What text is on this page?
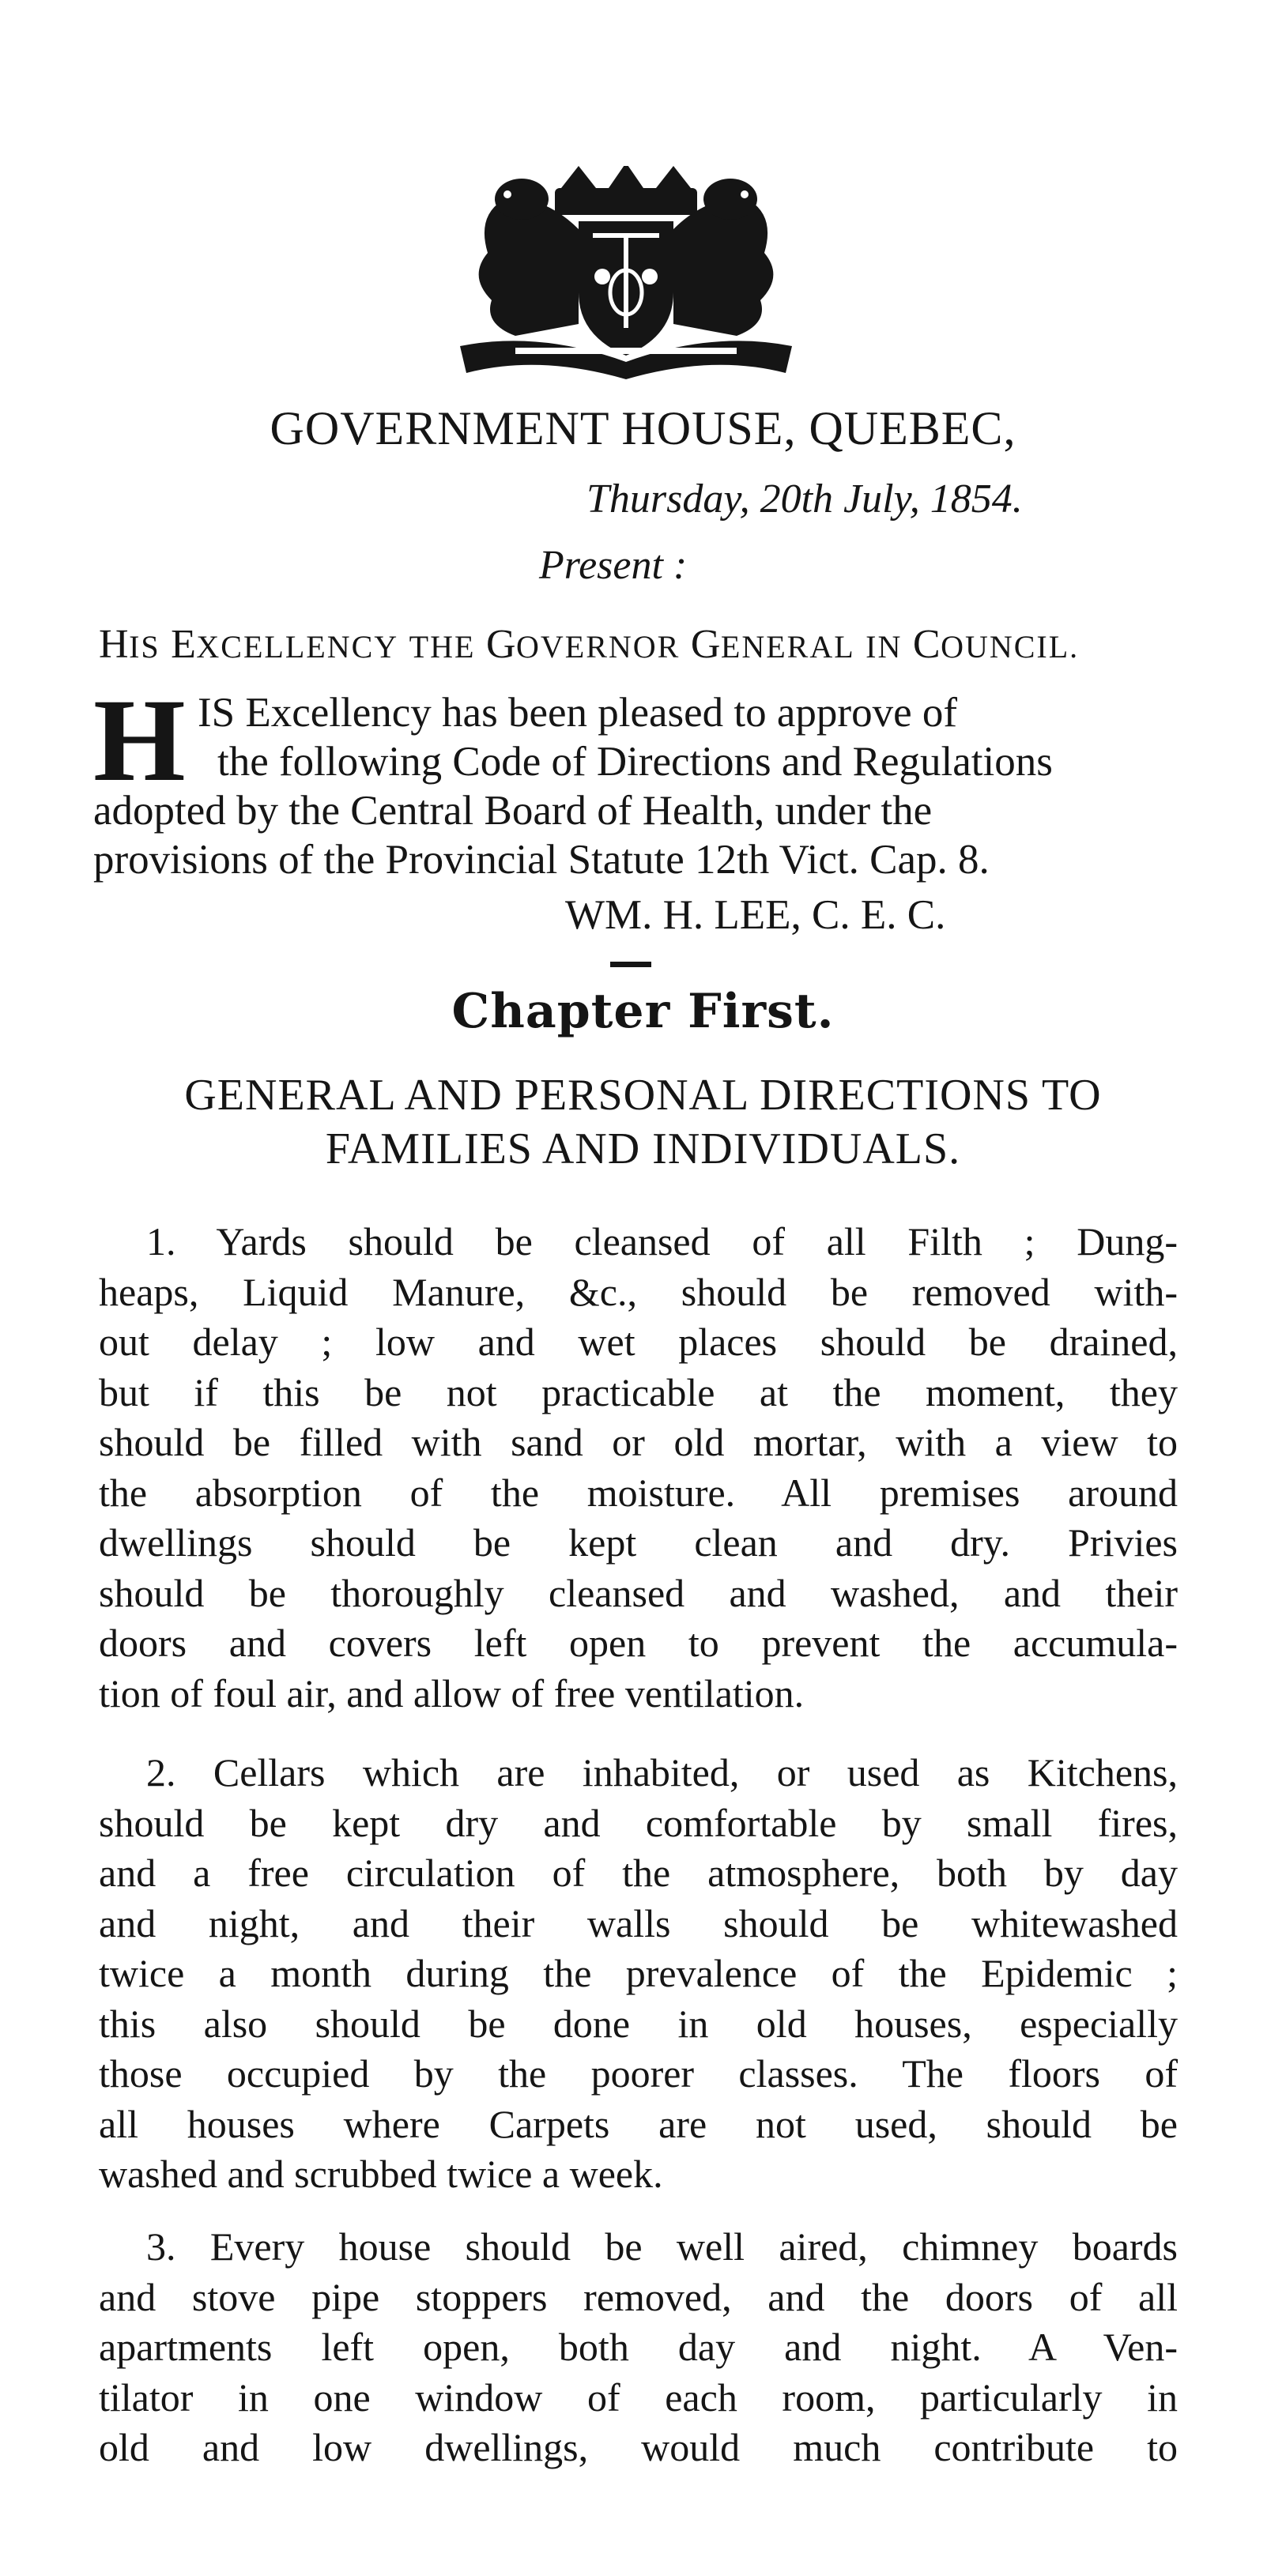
GOVERNMENT HOUSE, QUEBEC,

Thursday, 20th July, 1854.

Present :

HIS EXCELLENCY THE GOVERNOR GENERAL IN COUNCIL.

H IS Excellency has been pleased to approve of

the following Code of Directions and Regulations

adopted by the Central Board of Health, under the

provisions of the Provincial Statute 12th Vict. Cap. 8.

WM. H. LEE, C. E. C.

Chapter First.

GENERAL AND PERSONAL DIRECTIONS TO

FAMILIES AND INDIVIDUALS.

1. Yards should be cleansed of all Filth ; Dung-
heaps, Liquid Manure, &c., should be removed with-
out delay ; low and wet places should be drained,
but if this be not practicable at the moment, they
should be filled with sand or old mortar, with a view to
the absorption of the moisture. All premises around
dwellings should be kept clean and dry. Privies
should be thoroughly cleansed and washed, and their
doors and covers left open to prevent the accumula-
tion of foul air, and allow of free ventilation.
2. Cellars which are inhabited, or used as Kitchens,
should be kept dry and comfortable by small fires,
and a free circulation of the atmosphere, both by day
and night, and their walls should be whitewashed
twice a month during the prevalence of the Epidemic ;
this also should be done in old houses, especially
those occupied by the poorer classes. The floors of
all houses where Carpets are not used, should be
washed and scrubbed twice a week.
3. Every house should be well aired, chimney boards
and stove pipe stoppers removed, and the doors of all
apartments left open, both day and night. A Ven-
tilator in one window of each room, particularly in
old and low dwellings, would much contribute to
